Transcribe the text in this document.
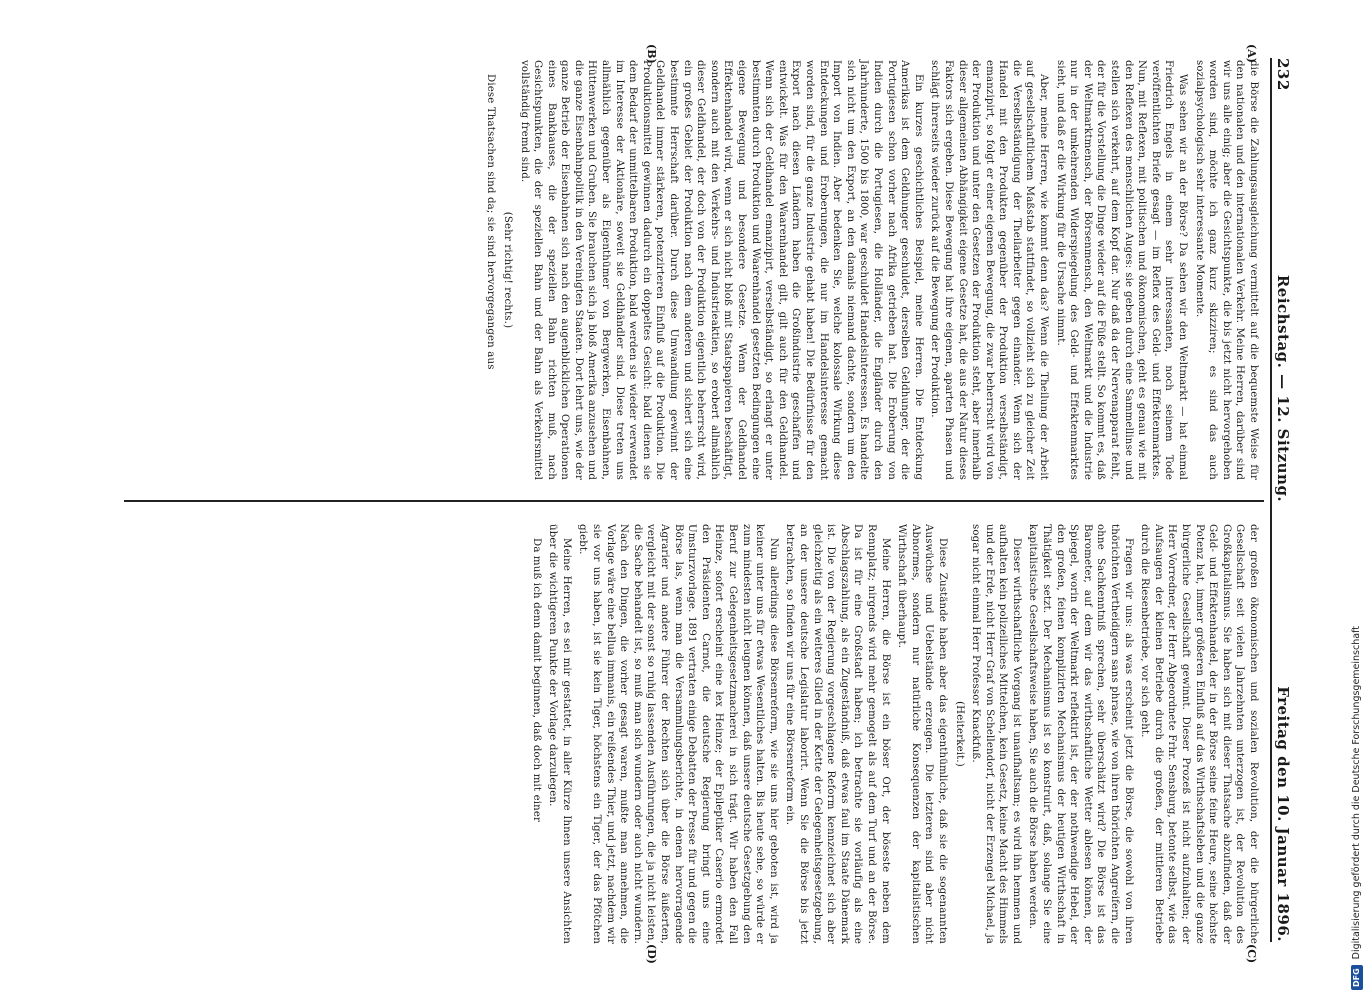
232
Reichstag. — 12. Sitzung.
Freitag den 10. Januar 1896.
(A)
(B)
(C)
(D)

die Börse die Zahlungsausgleichung vermittelt auf die bequemste Weise für den nationalen und den internationalen Verkehr. Meine Herren, darüber sind wir uns alle einig; aber die Gesichtspunkte, die bis jetzt nicht hervorgehoben worden sind, möchte ich ganz kurz skizziren; es sind das auch sozialpsychologisch sehr interessante Momente.

Was sehen wir an der Börse? Da sehen wir den Weltmarkt — hat einmal Friedrich Engels in einem sehr interessanten, noch seinem Tode veröffentlichten Briefe gesagt — im Reflex des Geld- und Effektenmarktes. Nun, mit Reflexen, mit politischen und ökonomischen, geht es genau wie mit den Reflexen des menschlichen Auges: sie geben durch eine Sammellinse und stellen sich verkehrt, auf dem Kopf dar. Nur daß da der Nervenapparat fehlt, der für die Vorstellung die Dinge wieder auf die Füße stellt. So kommt es, daß der Weltmarktmensch, der Börsenmensch, den Weltmarkt und die Industrie nur in der umkehrenden Widerspiegelung des Geld- und Effektenmarktes sieht, und daß er die Wirkung für die Ursache nimmt.

Aber, meine Herren, wie kommt denn das? Wenn die Theilung der Arbeit auf gesellschaftlichem Maßstab stattfindet, so vollzieht sich zu gleicher Zeit die Verselbständigung der Theilarbeiter gegen einander. Wenn sich der Handel mit den Produkten gegenüber der Produktion verselbständigt, emanzipirt, so folgt er einer eigenen Bewegung, die zwar beherrscht wird von der Produktion und unter den Gesetzen der Produktion steht, aber innerhalb dieser allgemeinen Abhängigkeit eigene Gesetze hat, die aus der Natur dieses Faktors sich ergeben. Diese Bewegung hat ihre eigenen, aparten Phasen und schlägt ihrerseits wieder zurück auf die Bewegung der Produktion.

Ein kurzes geschichtliches Beispiel, meine Herren. Die Entdeckung Amerikas ist dem Geldhunger geschuldet, derselben Geldhunger, der die Portugiesen schon vorher nach Afrika getrieben hat. Die Eroberung von Indien durch die Portugiesen, die Holländer, die Engländer durch den Jahrhunderte, 1500 bis 1800, war geschuldet Handelsinteressen. Es handelte sich nicht um den Export, an den damals niemand dachte, sondern um den Import von Indien. Aber bedenken Sie, welche kolossale Wirkung diese Entdeckungen und Eroberungen, die nur im Handelsinteresse gemacht worden sind, für die ganze Industrie gehabt haben! Die Bedürfnisse für den Export nach diesen Ländern haben die Großindustrie geschaffen und entwickelt. Was für den Waarenhandel gilt, gilt auch für den Geldhandel. Wenn sich der Geldhandel emanzipirt, verselbständigt, so erlangt er unter bestimmten durch Produktion und Waarenhandel gesetzten Bedingungen eine eigene Bewegung und besondere Gesetze. Wenn der Geldhandel Effektenhandel wird, wenn er sich nicht bloß mit Staatspapieren beschäftigt, sondern auch mit den Verkehrs- und Industrieaktien, so erobert allmählich dieser Geldhandel, der doch von der Produktion eigentlich beherrscht wird, ein großes Gebiet der Produktion nach dem anderen und sichert sich eine bestimmte Herrschaft darüber. Durch diese Umwandlung gewinnt der Geldhandel immer stärkeren, potenzirteren Einfluß auf die Produktion. Die Produktionsmittel gewinnen dadurch ein doppeltes Gesicht: bald dienen sie dem Bedarf der unmittelbaren Produktion, bald werden sie wieder verwendet im Interesse der Aktionäre, soweit sie Geldhändler sind. Diese treten uns allmählich gegenüber als Eigenthümer von Bergwerken, Eisenbahnen, Hüttenwerken und Gruben. Sie brauchen sich ja bloß Amerika anzusehen und die ganze Eisenbahnpolitik in den Vereinigten Staaten. Dort lehrt uns, wie der ganze Betrieb der Eisenbahnen sich nach den augenblicklichen Operationen eines Bankhauses, die der speziellen Bahn richten muß, nach Gesichtspunkten, die der speziellen Bahn und der Bahn als Verkehrsmittel vollständig fremd sind.

(Sehr richtig! rechts.)

Diese Thatsachen sind da; sie sind hervorgegangen aus

der großen ökonomischen und sozialen Revolution, der die bürgerliche Gesellschaft seit vielen Jahrzehnten unterzogen ist, der Revolution des Großkapitalismus. Sie haben sich mit dieser Thatsache abzufinden, daß der Geld- und Effektenhandel, der in der Börse seine feine Heure, seine höchste Potenz hat, immer größeren Einfluß auf das Wirthschaftsleben und die ganze bürgerliche Gesellschaft gewinnt. Dieser Prozeß ist nicht aufzuhalten; der Herr Vorredner, der Herr Abgeordnete Frhr. Sensburg, betonte selbst, wie das Aufsaugen der kleinen Betriebe durch die großen, der mittleren Betriebe durch die Riesenbetriebe, vor sich geht.

Fragen wir uns: als was erscheint jetzt die Börse, die sowohl von ihren thörichten Vertheidigern sans phrase, wie von ihren thörichten Angreifern, die ohne Sachkenntniß sprechen, sehr überschätzt wird? Die Börse ist das Barometer, auf dem wir das wirthschaftliche Wetter ablesen können, der Spiegel, worin der Weltmarkt reflektirt ist, der der nothwendige Hebel, der den großen, feinen komplizirten Mechanismus der heutigen Wirthschaft in Thätigkeit setzt. Der Mechanismus ist so konstruirt, daß, solange Sie eine kapitalistische Gesellschaftsweise haben, Sie auch die Börse haben werden.

Dieser wirthschaftliche Vorgang ist unaufhaltsam; es wird ihn hemmen und aufhalten kein polizeiliches Mittelchen, kein Gesetz, keine Macht des Himmels und der Erde, nicht Herr Graf von Schellendorf, nicht der Erzengel Michael, ja sogar nicht einmal Herr Professor Knackfuß.

(Heiterkeit.)

Diese Zustände haben aber das eigenthümliche, daß sie die sogenannten Auswüchse und Uebelstände erzeugen. Die letzteren sind aber nicht Abnormes, sondern nur natürliche Konsequenzen der kapitalistischen Wirthschaft überhaupt.

Meine Herren, die Börse ist ein böser Ort, der böseste neben dem Rennplatz; nirgends wird mehr gemogelt als auf dem Turf und an der Börse. Da ist für eine Großstadt haben; ich betrachte sie vorläufig als eine Abschlagszahlung, als ein Zugeständniß, daß etwas faul im Staate Dänemark ist. Die von der Regierung vorgeschlagene Reform kennzeichnet sich aber gleichzeitig als ein weiteres Glied in der Kette der Gelegenheitsgesetzgebung, an der unsere deutsche Legislatur laborirt. Wenn Sie die Börse bis jetzt betrachten, so finden wir uns für eine Börsenreform ein.

Nun allerdings diese Börsenreform, wie sie uns hier geboten ist, wird ja keiner unter uns für etwas Wesentliches halten. Bis heute sehe, so würde er zum mindesten nicht leugnen können, daß unsere deutsche Gesetzgebung den Beruf zur Gelegenheitsgesetzmacherei in sich trägt. Wir haben den Fall Heinze, sofort erscheint eine lex Heinze; der Epileptiker Caserio ermordet den Präsidenten Carnot, die deutsche Regierung bringt uns eine Umsturzvorlage. 1891 vertraten einige Debatten der Presse für und gegen die Börse las, wenn man die Versammlungsberichte, in denen hervorragende Agrarier und andere Führer der Rechten sich über die Börse äußerten, vergleicht mit der sonst so ruhig lassenden Ausführungen, die ja nicht leisten, die Sache behandelt ist, so muß man sich wundern oder auch nicht wundern. Nach den Dingen, die vorher gesagt waren, mußte man annehmen, die Vorlage wäre eine bellua immanis, ein reißendes Thier, und jetzt, nachdem wir sie vor uns haben, ist sie kein Tiger, höchstens ein Tiger, der das Pfötchen giebt.

Meine Herren, es sei mir gestattet, in aller Kürze Ihnen unsere Ansichten über die wichtigeren Punkte der Vorlage darzulegen.

Da muß ich denn damit beginnen, daß doch mit einer

DFG
Digitalisierung gefördert durch die Deutsche Forschungsgemeinschaft
